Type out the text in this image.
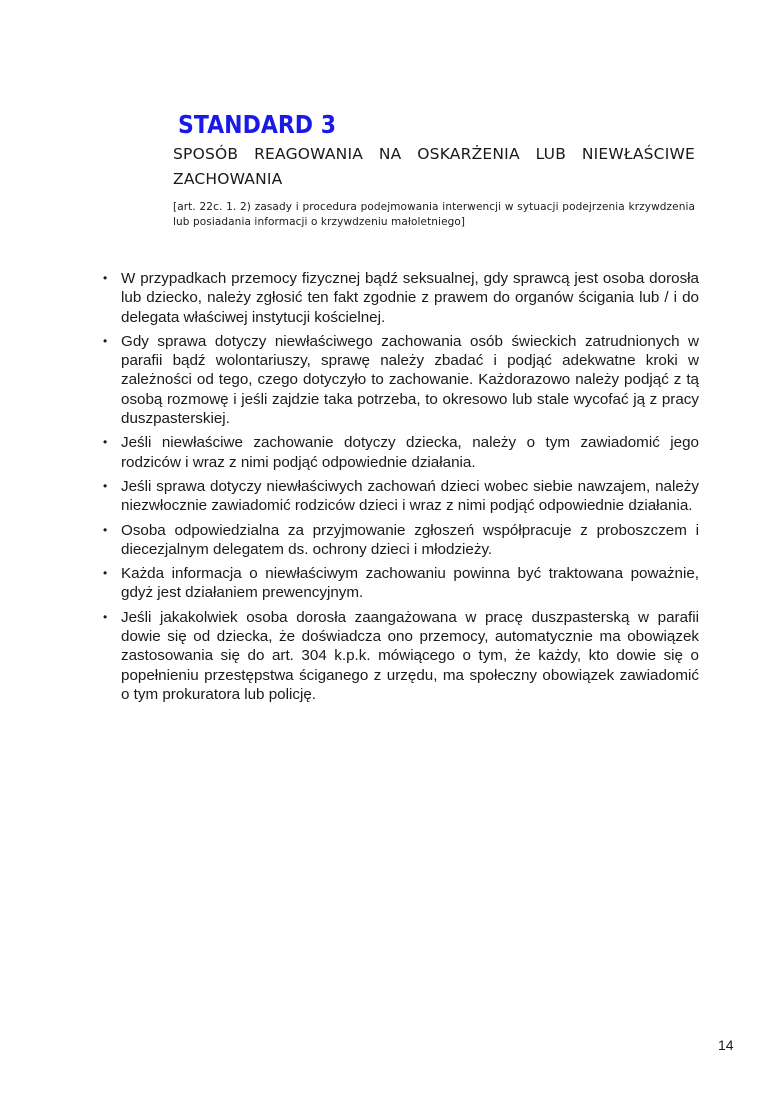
STANDARD 3

SPOSÓB REAGOWANIA NA OSKARŻENIA LUB NIEWŁAŚCIWE ZACHOWANIA

[art. 22c. 1. 2) zasady i procedura podejmowania interwencji w sytuacji podejrzenia krzywdzenia lub posiadania informacji o krzywdzeniu małoletniego]

• W przypadkach przemocy fizycznej bądź seksualnej, gdy sprawcą jest osoba dorosła lub dziecko, należy zgłosić ten fakt zgodnie z prawem do organów ścigania lub / i do delegata właściwej instytucji kościelnej.
• Gdy sprawa dotyczy niewłaściwego zachowania osób świeckich zatrudnionych w parafii bądź wolontariuszy, sprawę należy zbadać i podjąć adekwatne kroki w zależności od tego, czego dotyczyło to zachowanie. Każdorazowo należy podjąć z tą osobą rozmowę i jeśli zajdzie taka potrzeba, to okresowo lub stale wycofać ją z pracy duszpasterskiej.
• Jeśli niewłaściwe zachowanie dotyczy dziecka, należy o tym zawiadomić jego rodziców i wraz z nimi podjąć odpowiednie działania.
• Jeśli sprawa dotyczy niewłaściwych zachowań dzieci wobec siebie nawzajem, należy niezwłocznie zawiadomić rodziców dzieci i wraz z nimi podjąć odpowiednie działania.
• Osoba odpowiedzialna za przyjmowanie zgłoszeń współpracuje z proboszczem i diecezjalnym delegatem ds. ochrony dzieci i młodzieży.
• Każda informacja o niewłaściwym zachowaniu powinna być traktowana poważnie, gdyż jest działaniem prewencyjnym.
• Jeśli jakakolwiek osoba dorosła zaangażowana w pracę duszpasterską w parafii dowie się od dziecka, że doświadcza ono przemocy, automatycznie ma obowiązek zastosowania się do art. 304 k.p.k. mówiącego o tym, że każdy, kto dowie się o popełnieniu przestępstwa ściganego z urzędu, ma społeczny obowiązek zawiadomić o tym prokuratora lub policję.
14
